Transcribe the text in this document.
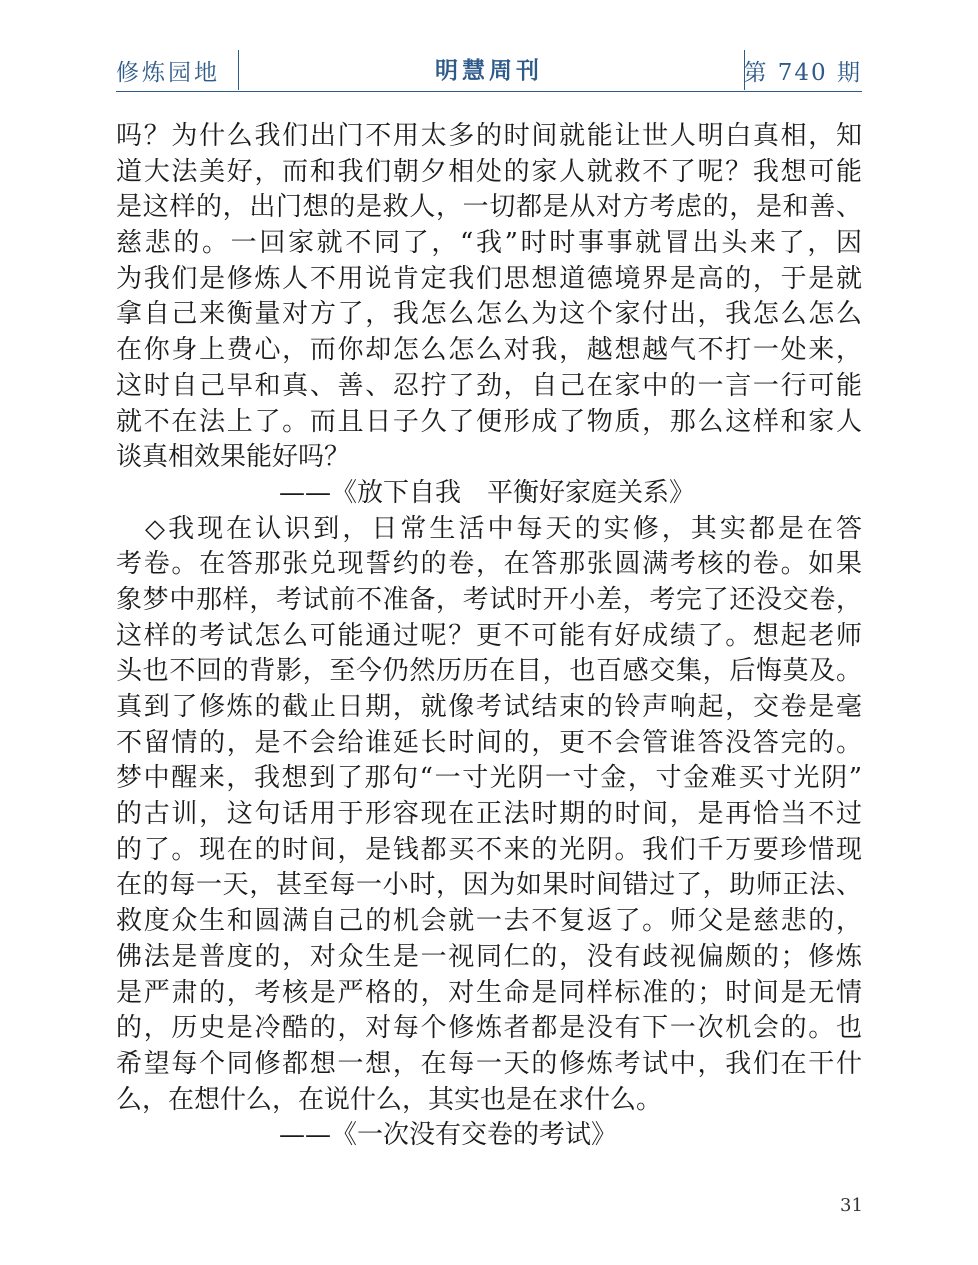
修炼园地	明慧周刊	第 740 期
吗？为什么我们出门不用太多的时间就能让世人明白真相，知
道大法美好，而和我们朝夕相处的家人就救不了呢？我想可能
是这样的，出门想的是救人，一切都是从对方考虑的，是和善、
慈悲的。一回家就不同了，“我”时时事事就冒出头来了，因
为我们是修炼人不用说肯定我们思想道德境界是高的，于是就
拿自己来衡量对方了，我怎么怎么为这个家付出，我怎么怎么
在你身上费心，而你却怎么怎么对我，越想越气不打一处来，
这时自己早和真、善、忍拧了劲，自己在家中的一言一行可能
就不在法上了。而且日子久了便形成了物质，那么这样和家人
谈真相效果能好吗？
——《放下自我　平衡好家庭关系》
　◇我现在认识到，日常生活中每天的实修，其实都是在答
考卷。在答那张兑现誓约的卷，在答那张圆满考核的卷。如果
象梦中那样，考试前不准备，考试时开小差，考完了还没交卷，
这样的考试怎么可能通过呢？更不可能有好成绩了。想起老师
头也不回的背影，至今仍然历历在目，也百感交集，后悔莫及。
真到了修炼的截止日期，就像考试结束的铃声响起，交卷是毫
不留情的，是不会给谁延长时间的，更不会管谁答没答完的。
梦中醒来，我想到了那句“一寸光阴一寸金，寸金难买寸光阴”
的古训，这句话用于形容现在正法时期的时间，是再恰当不过
的了。现在的时间，是钱都买不来的光阴。我们千万要珍惜现
在的每一天，甚至每一小时，因为如果时间错过了，助师正法、
救度众生和圆满自己的机会就一去不复返了。师父是慈悲的，
佛法是普度的，对众生是一视同仁的，没有歧视偏颇的；修炼
是严肃的，考核是严格的，对生命是同样标准的；时间是无情
的，历史是冷酷的，对每个修炼者都是没有下一次机会的。也
希望每个同修都想一想，在每一天的修炼考试中，我们在干什
么，在想什么，在说什么，其实也是在求什么。
——《一次没有交卷的考试》
31
